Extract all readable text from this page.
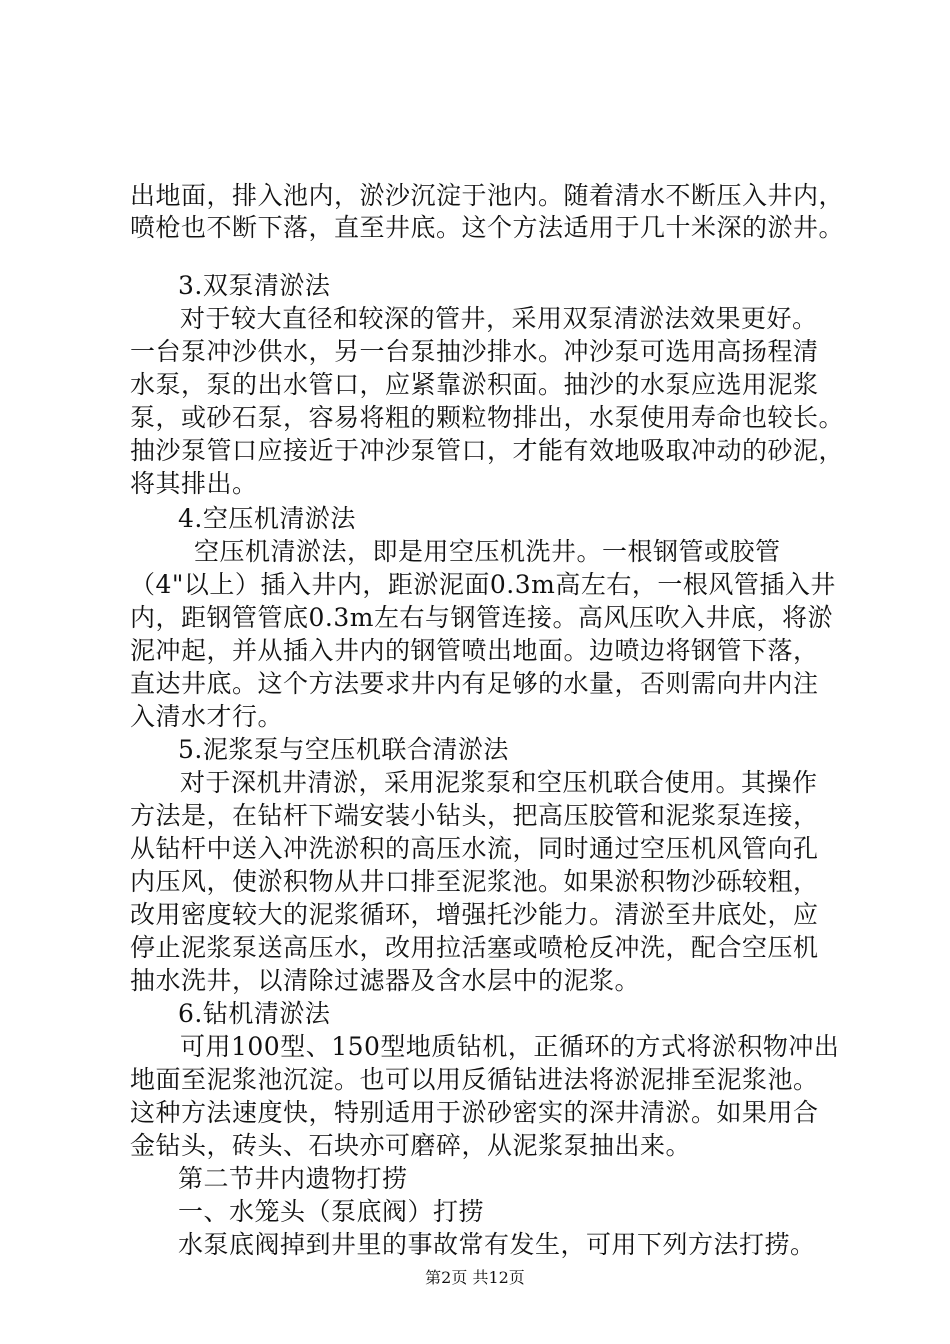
出地面，排入池内，淤沙沉淀于池内。随着清水不断压入井内，
喷枪也不断下落，直至井底。这个方法适用于几十米深的淤井。
3.双泵清淤法
对于较大直径和较深的管井，采用双泵清淤法效果更好。
一台泵冲沙供水，另一台泵抽沙排水。冲沙泵可选用高扬程清
水泵，泵的出水管口，应紧靠淤积面。抽沙的水泵应选用泥浆
泵，或砂石泵，容易将粗的颗粒物排出，水泵使用寿命也较长。
抽沙泵管口应接近于冲沙泵管口，才能有效地吸取冲动的砂泥，
将其排出。
4.空压机清淤法
空压机清淤法，即是用空压机洗井。一根钢管或胶管
（4"以上）插入井内，距淤泥面0.3m高左右，一根风管插入井
内，距钢管管底0.3m左右与钢管连接。高风压吹入井底，将淤
泥冲起，并从插入井内的钢管喷出地面。边喷边将钢管下落，
直达井底。这个方法要求井内有足够的水量，否则需向井内注
入清水才行。
5.泥浆泵与空压机联合清淤法
对于深机井清淤，采用泥浆泵和空压机联合使用。其操作
方法是，在钻杆下端安装小钻头，把高压胶管和泥浆泵连接，
从钻杆中送入冲洗淤积的高压水流，同时通过空压机风管向孔
内压风，使淤积物从井口排至泥浆池。如果淤积物沙砾较粗，
改用密度较大的泥浆循环，增强托沙能力。清淤至井底处，应
停止泥浆泵送高压水，改用拉活塞或喷枪反冲洗，配合空压机
抽水洗井，以清除过滤器及含水层中的泥浆。
6.钻机清淤法
可用100型、150型地质钻机，正循环的方式将淤积物冲出
地面至泥浆池沉淀。也可以用反循钻进法将淤泥排至泥浆池。
这种方法速度快，特别适用于淤砂密实的深井清淤。如果用合
金钻头，砖头、石块亦可磨碎，从泥浆泵抽出来。
第二节井内遗物打捞
一、水笼头（泵底阀）打捞
水泵底阀掉到井里的事故常有发生，可用下列方法打捞。
第2页 共12页
